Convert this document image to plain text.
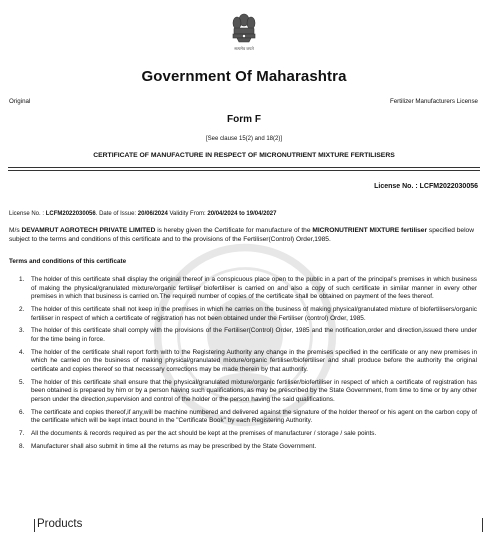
सत्यमेव जयते
Government Of Maharashtra
Original	Fertilizer Manufacturers License
Form F
[See clause 15(2) and 18(2)]
CERTIFICATE OF MANUFACTURE IN RESPECT OF MICRONUTRIENT MIXTURE FERTILISERS
License No. : LCFM2022030056
License No. : LCFM2022030056. Date of Issue: 20/06/2024 Validity From: 20/04/2024 to 19/04/2027
M/s DEVAMRUT AGROTECH PRIVATE LIMITED is hereby given the Certificate for manufacture of the MICRONUTRIENT MIXTURE fertiliser specified below subject to the terms and conditions of this certificate and to the provisions of the Fertiliser(Control) Order,1985.
Terms and conditions of this certificate
1. The holder of this certificate shall display the original thereof in a conspicuous place open to the public in a part of the principal's premises in which business of making the physical/granulated mixture/organic fertiliser biofertiliser is carried on and also a copy of such certificate in similar manner in every other premises in which that business is carried on.The required number of copies of the certificate shall be obtained on payment of the fees thereof.
2. The holder of this certificate shall not keep in the premises in which he carries on the business of making physical/granulated mixture of biofertilisers/organic fertiliser in respect of which a certificate of registration has not been obtained under the Fertiliser (control) Order, 1985.
3. The holder of this certificate shall comply with the provisions of the Fertiliser(Control) Order, 1985 and the notification,order and direction,issued there under for the time being in force.
4. The holder of the certificate shall report forth with to the Registering Authority any change in the premises specified in the certificate or any new premises in which he carried on the business of making physical/granulated mixture/organic fertiliser/biofertiliser and shall produce before the authority the original certificate and copies thereof so that necessary corrections may be made therein by that authority.
5. The holder of this certificate shall ensure that the physical/granulated mixture/organic fertiliser/biofertiliser in respect of which a certificate of registration has been obtained is prepared by him or by a person having such qualifications, as may be prescribed by the State Government, from time to time or by any other person under the direction,supervision and control of the holder or the person having the said qualifications.
6. The certificate and copies thereof,if any,will be machine numbered and delivered against the signature of the holder thereof or his agent on the carbon copy of the certificate which will be kept intact bound in the "Certificate Book" by each Registering Authority.
7. All the documents & records required as per the act should be kept at the premises of manufacturer / storage / sale points.
8. Manufacturer shall also submit in time all the returns as may be prescribed by the State Government.
Products
